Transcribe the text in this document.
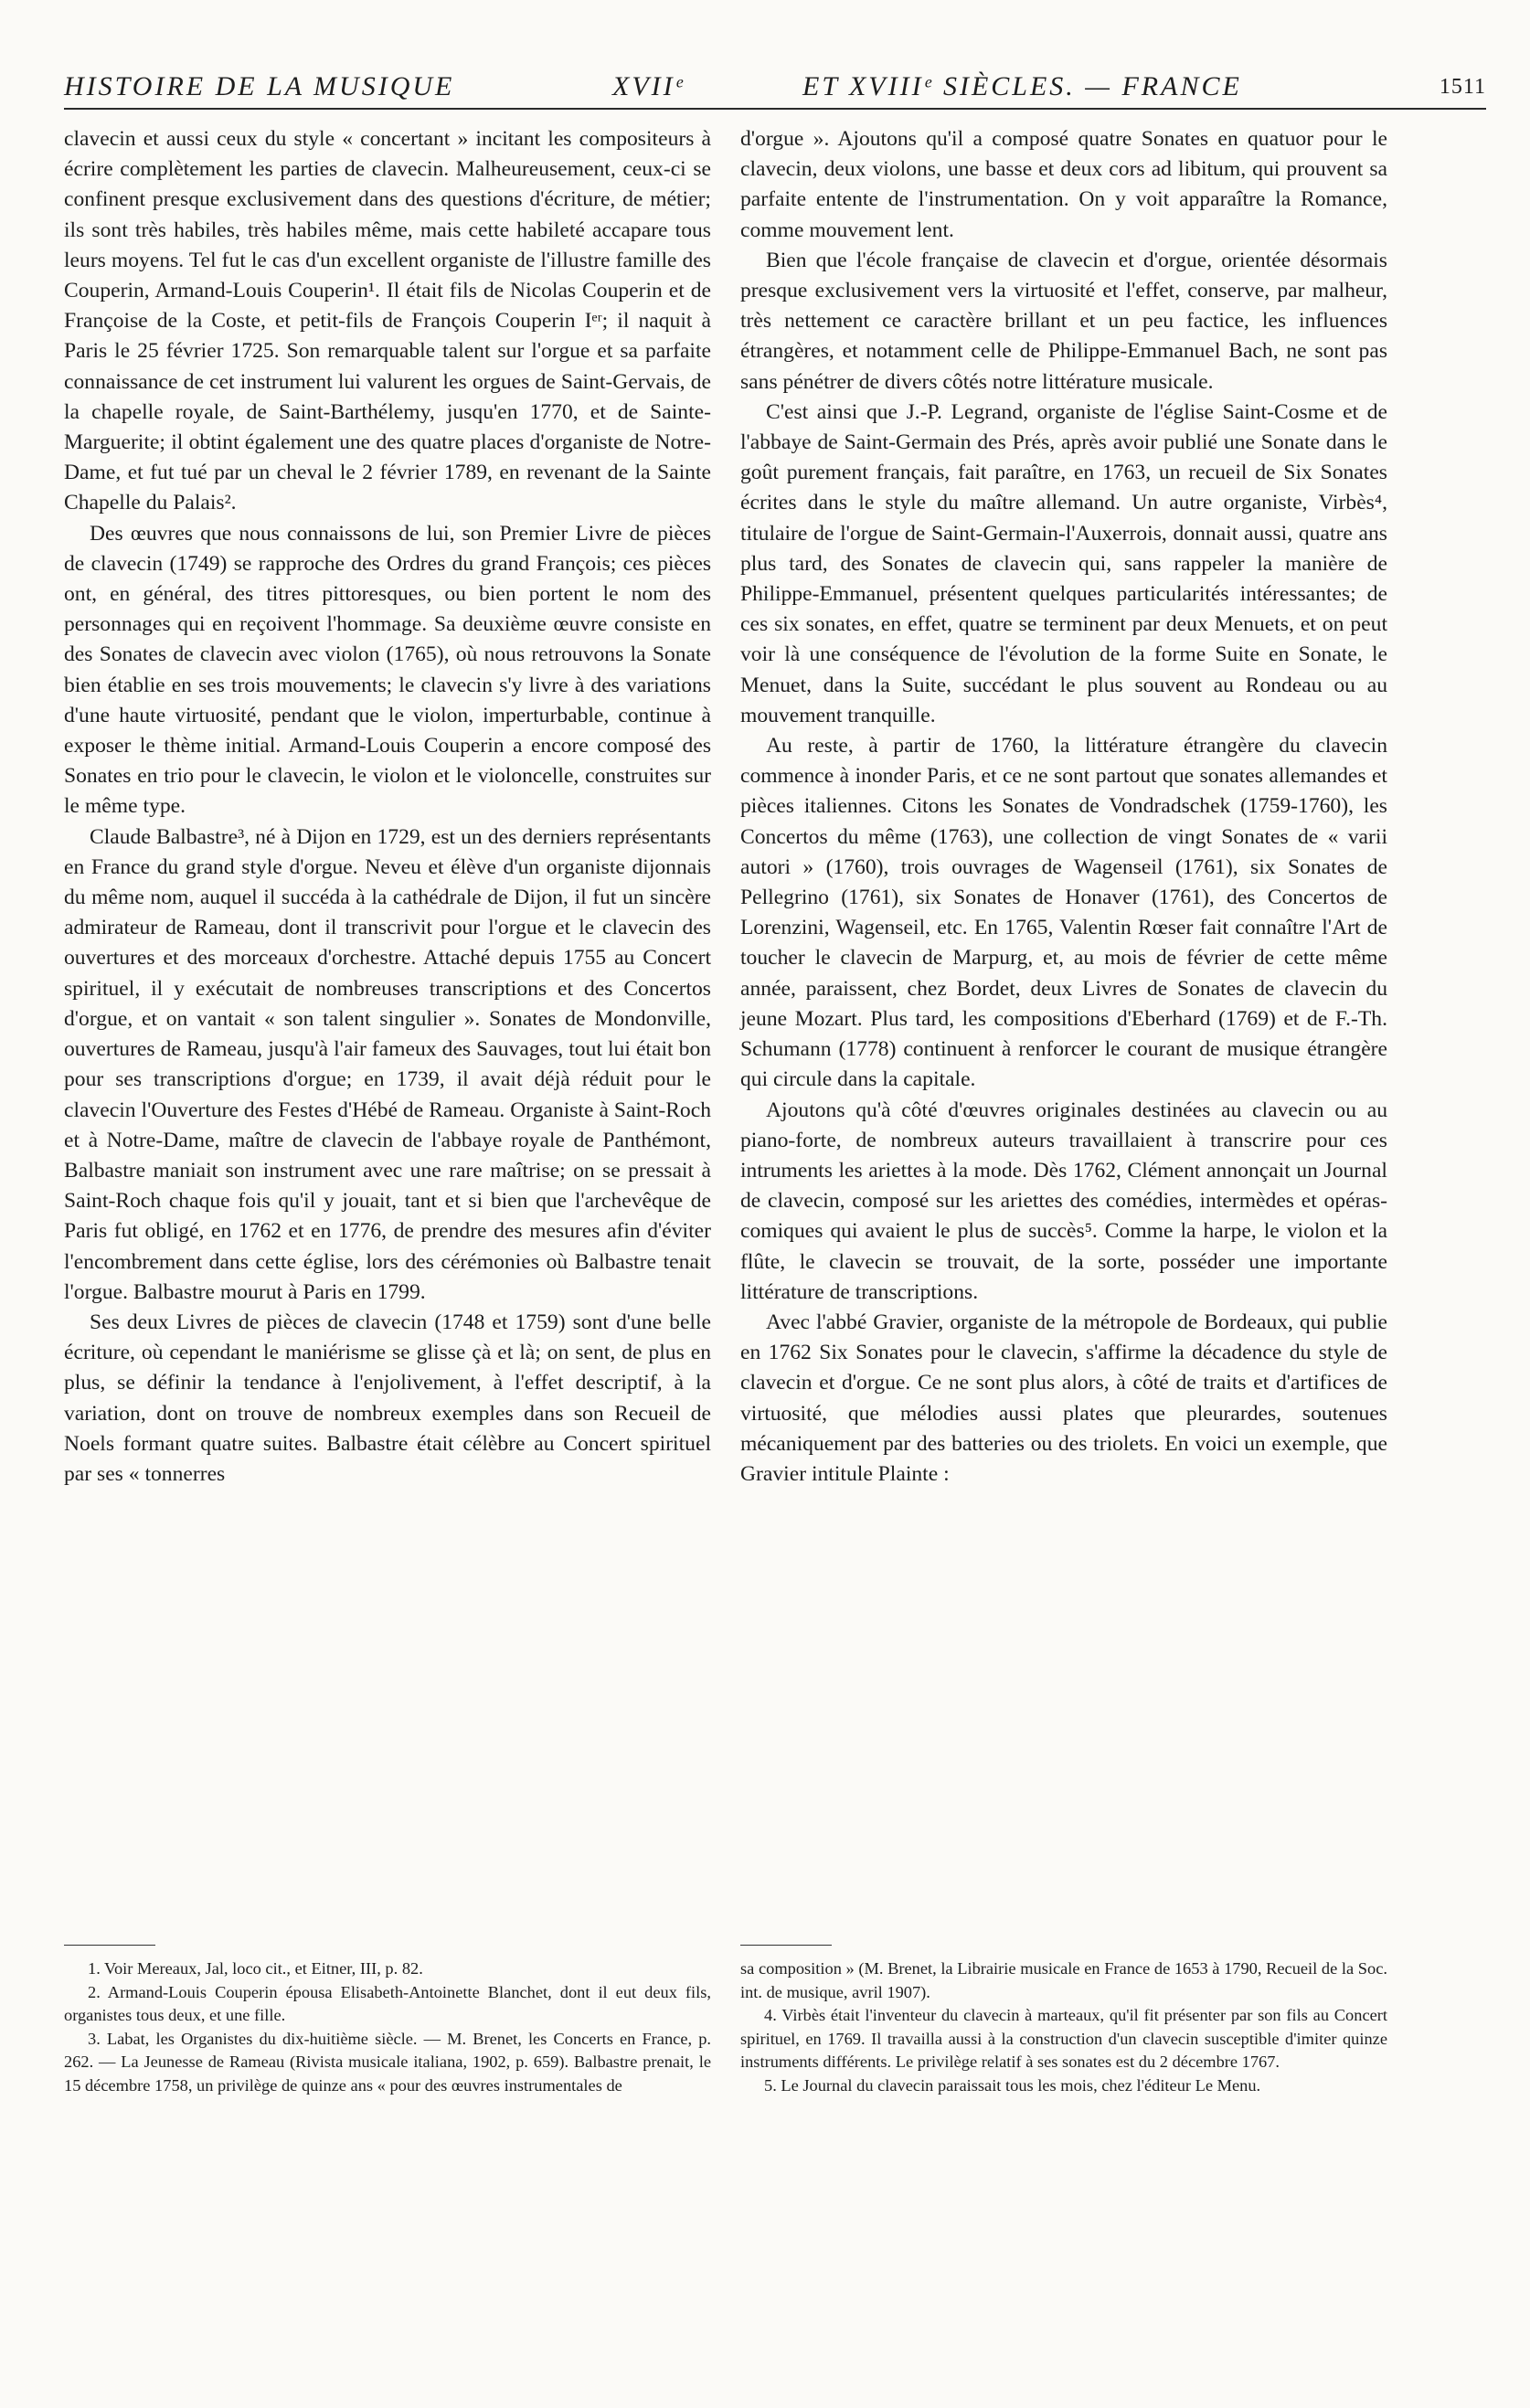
HISTOIRE DE LA MUSIQUE	XVIIᵉ	ET XVIIIᵉ SIÈCLES. — FRANCE	1511

clavecin et aussi ceux du style « concertant » incitant les compositeurs à écrire complètement les parties de clavecin. Malheureusement, ceux-ci se confinent presque exclusivement dans des questions d'écriture, de métier; ils sont très habiles, très habiles même, mais cette habileté accapare tous leurs moyens. Tel fut le cas d'un excellent organiste de l'illustre famille des Couperin, Armand-Louis Couperin¹. Il était fils de Nicolas Couperin et de Françoise de la Coste, et petit-fils de François Couperin Iᵉʳ; il naquit à Paris le 25 février 1725. Son remarquable talent sur l'orgue et sa parfaite connaissance de cet instrument lui valurent les orgues de Saint-Gervais, de la chapelle royale, de Saint-Barthélemy, jusqu'en 1770, et de Sainte-Marguerite; il obtint également une des quatre places d'organiste de Notre-Dame, et fut tué par un cheval le 2 février 1789, en revenant de la Sainte Chapelle du Palais².

Des œuvres que nous connaissons de lui, son Premier Livre de pièces de clavecin (1749) se rapproche des Ordres du grand François; ces pièces ont, en général, des titres pittoresques, ou bien portent le nom des personnages qui en reçoivent l'hommage. Sa deuxième œuvre consiste en des Sonates de clavecin avec violon (1765), où nous retrouvons la Sonate bien établie en ses trois mouvements; le clavecin s'y livre à des variations d'une haute virtuosité, pendant que le violon, imperturbable, continue à exposer le thème initial. Armand-Louis Couperin a encore composé des Sonates en trio pour le clavecin, le violon et le violoncelle, construites sur le même type.

Claude Balbastre³, né à Dijon en 1729, est un des derniers représentants en France du grand style d'orgue. Neveu et élève d'un organiste dijonnais du même nom, auquel il succéda à la cathédrale de Dijon, il fut un sincère admirateur de Rameau, dont il transcrivit pour l'orgue et le clavecin des ouvertures et des morceaux d'orchestre. Attaché depuis 1755 au Concert spirituel, il y exécutait de nombreuses transcriptions et des Concertos d'orgue, et on vantait « son talent singulier ». Sonates de Mondonville, ouvertures de Rameau, jusqu'à l'air fameux des Sauvages, tout lui était bon pour ses transcriptions d'orgue; en 1739, il avait déjà réduit pour le clavecin l'Ouverture des Festes d'Hébé de Rameau. Organiste à Saint-Roch et à Notre-Dame, maître de clavecin de l'abbaye royale de Panthémont, Balbastre maniait son instrument avec une rare maîtrise; on se pressait à Saint-Roch chaque fois qu'il y jouait, tant et si bien que l'archevêque de Paris fut obligé, en 1762 et en 1776, de prendre des mesures afin d'éviter l'encombrement dans cette église, lors des cérémonies où Balbastre tenait l'orgue. Balbastre mourut à Paris en 1799.

Ses deux Livres de pièces de clavecin (1748 et 1759) sont d'une belle écriture, où cependant le maniérisme se glisse çà et là; on sent, de plus en plus, se définir la tendance à l'enjolivement, à l'effet descriptif, à la variation, dont on trouve de nombreux exemples dans son Recueil de Noels formant quatre suites. Balbastre était célèbre au Concert spirituel par ses « tonnerres

d'orgue ». Ajoutons qu'il a composé quatre Sonates en quatuor pour le clavecin, deux violons, une basse et deux cors ad libitum, qui prouvent sa parfaite entente de l'instrumentation. On y voit apparaître la Romance, comme mouvement lent.

Bien que l'école française de clavecin et d'orgue, orientée désormais presque exclusivement vers la virtuosité et l'effet, conserve, par malheur, très nettement ce caractère brillant et un peu factice, les influences étrangères, et notamment celle de Philippe-Emmanuel Bach, ne sont pas sans pénétrer de divers côtés notre littérature musicale.

C'est ainsi que J.-P. Legrand, organiste de l'église Saint-Cosme et de l'abbaye de Saint-Germain des Prés, après avoir publié une Sonate dans le goût purement français, fait paraître, en 1763, un recueil de Six Sonates écrites dans le style du maître allemand. Un autre organiste, Virbès⁴, titulaire de l'orgue de Saint-Germain-l'Auxerrois, donnait aussi, quatre ans plus tard, des Sonates de clavecin qui, sans rappeler la manière de Philippe-Emmanuel, présentent quelques particularités intéressantes; de ces six sonates, en effet, quatre se terminent par deux Menuets, et on peut voir là une conséquence de l'évolution de la forme Suite en Sonate, le Menuet, dans la Suite, succédant le plus souvent au Rondeau ou au mouvement tranquille.

Au reste, à partir de 1760, la littérature étrangère du clavecin commence à inonder Paris, et ce ne sont partout que sonates allemandes et pièces italiennes. Citons les Sonates de Vondradschek (1759-1760), les Concertos du même (1763), une collection de vingt Sonates de « varii autori » (1760), trois ouvrages de Wagenseil (1761), six Sonates de Pellegrino (1761), six Sonates de Honaver (1761), des Concertos de Lorenzini, Wagenseil, etc. En 1765, Valentin Rœser fait connaître l'Art de toucher le clavecin de Marpurg, et, au mois de février de cette même année, paraissent, chez Bordet, deux Livres de Sonates de clavecin du jeune Mozart. Plus tard, les compositions d'Eberhard (1769) et de F.-Th. Schumann (1778) continuent à renforcer le courant de musique étrangère qui circule dans la capitale.

Ajoutons qu'à côté d'œuvres originales destinées au clavecin ou au piano-forte, de nombreux auteurs travaillaient à transcrire pour ces intruments les ariettes à la mode. Dès 1762, Clément annonçait un Journal de clavecin, composé sur les ariettes des comédies, intermèdes et opéras-comiques qui avaient le plus de succès⁵. Comme la harpe, le violon et la flûte, le clavecin se trouvait, de la sorte, posséder une importante littérature de transcriptions.

Avec l'abbé Gravier, organiste de la métropole de Bordeaux, qui publie en 1762 Six Sonates pour le clavecin, s'affirme la décadence du style de clavecin et d'orgue. Ce ne sont plus alors, à côté de traits et d'artifices de virtuosité, que mélodies aussi plates que pleurardes, soutenues mécaniquement par des batteries ou des triolets. En voici un exemple, que Gravier intitule Plainte :

1. Voir Mereaux, Jal, loco cit., et Eitner, III, p. 82.

2. Armand-Louis Couperin épousa Elisabeth-Antoinette Blanchet, dont il eut deux fils, organistes tous deux, et une fille.

3. Labat, les Organistes du dix-huitième siècle. — M. Brenet, les Concerts en France, p. 262. — La Jeunesse de Rameau (Rivista musicale italiana, 1902, p. 659). Balbastre prenait, le 15 décembre 1758, un privilège de quinze ans « pour des œuvres instrumentales de

sa composition » (M. Brenet, la Librairie musicale en France de 1653 à 1790, Recueil de la Soc. int. de musique, avril 1907).

4. Virbès était l'inventeur du clavecin à marteaux, qu'il fit présenter par son fils au Concert spirituel, en 1769. Il travailla aussi à la construction d'un clavecin susceptible d'imiter quinze instruments différents. Le privilège relatif à ses sonates est du 2 décembre 1767.

5. Le Journal du clavecin paraissait tous les mois, chez l'éditeur Le Menu.
